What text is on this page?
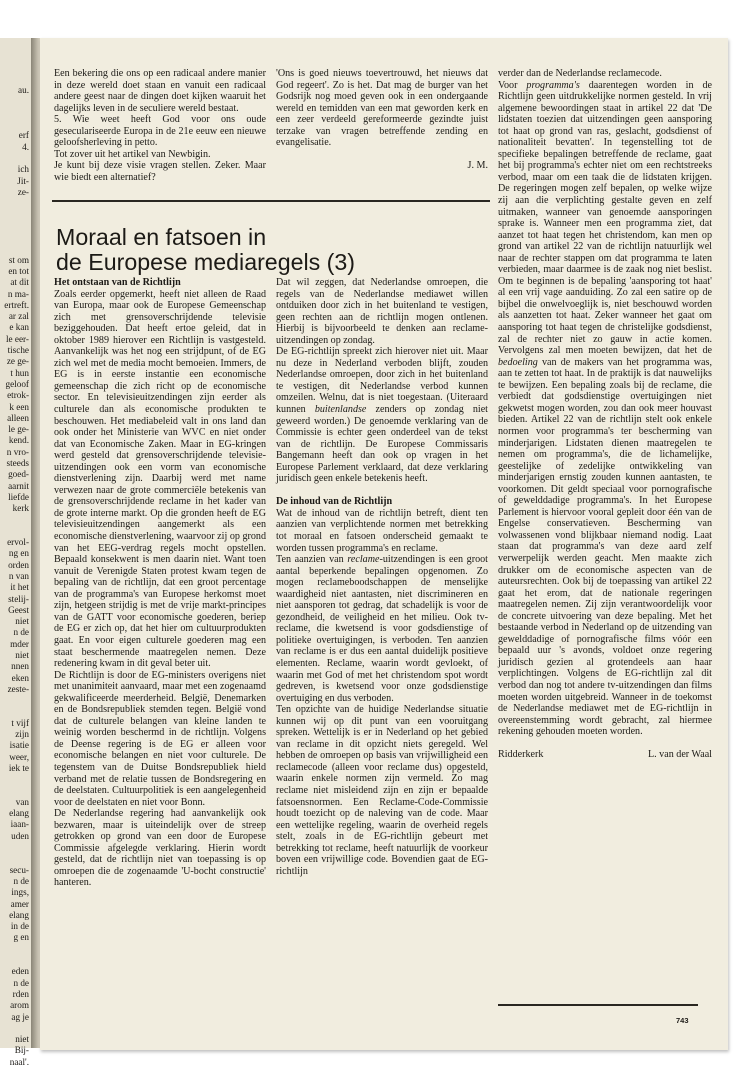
au.

erf
4.

ich
Jit-
ze-

st om
en tot
at dit
n ma-
ertreft.
ar zal
e kan
le eer-
tische
ze ge-
t hun
geloof
etrok-
k een
alleen
le ge-
kend.
n vro-
steeds
goed-
aarnit
liefde
kerk

ervol-
ng en
orden
n van
it het
stelij-
Geest
niet
n de
mder
niet
nnen
eken
zeste-

t vijf
zijn
isatie
weer,
iek te

van
elang
iaan-
uden

secu-
n de
ings,
amer
elang
in de
g en

eden
n de
rden
arom
ag je

niet
Bij-
naal'.

Een bekering die ons op een radicaal andere manier in deze wereld doet staan en vanuit een radicaal andere geest naar de dingen doet kijken waaruit het dagelijks leven in de seculiere wereld bestaat.

5. Wie weet heeft God voor ons oude geseculariseerde Europa in de 21e eeuw een nieuwe geloofsherleving in petto.

Tot zover uit het artikel van Newbigin.

Je kunt bij deze visie vragen stellen. Zeker. Maar wie biedt een alternatief?

'Ons is goed nieuws toevertrouwd, het nieuws dat God regeert'. Zo is het. Dat mag de burger van het Godsrijk nog moed geven ook in een ondergaande wereld en temidden van een mat geworden kerk en een zeer verdeeld gereformeerde gezindte juist terzake van vragen betreffende zending en evangelisatie.

J. M.

Moraal en fatsoen in
de Europese mediaregels (3)

Het ontstaan van de Richtlijn

Zoals eerder opgemerkt, heeft niet alleen de Raad van Europa, maar ook de Europese Gemeenschap zich met grensoverschrijdende televisie beziggehouden. Dat heeft ertoe geleid, dat in oktober 1989 hierover een Richtlijn is vastgesteld. Aanvankelijk was het nog een strijdpunt, of de EG zich wel met de media mocht bemoeien. Immers, de EG is in eerste instantie een economische gemeenschap die zich richt op de economische sector. En televisieuitzendingen zijn eerder als culturele dan als economische produkten te beschouwen. Het mediabeleid valt in ons land dan ook onder het Ministerie van WVC en niet onder dat van Economische Zaken. Maar in EG-kringen werd gesteld dat grensoverschrijdende televisie-uitzendingen ook een vorm van economische dienstverlening zijn. Daarbij werd met name verwezen naar de grote commerciële betekenis van de grensoverschrijdende reclame in het kader van de grote interne markt. Op die gronden heeft de EG televisieuitzendingen aangemerkt als een economische dienstverlening, waarvoor zij op grond van het EEG-verdrag regels mocht opstellen. Bepaald konsekwent is men daarin niet. Want toen vanuit de Verenigde Staten protest kwam tegen de bepaling van de richtlijn, dat een groot percentage van de programma's van Europese herkomst moet zijn, hetgeen strijdig is met de vrije markt-principes van de GATT voor economische goederen, beriep de EG er zich op, dat het hier om cultuurprodukten gaat. En voor eigen culturele goederen mag een staat beschermende maatregelen nemen. Deze redenering kwam in dit geval beter uit.

De Richtlijn is door de EG-ministers overigens niet met unanimiteit aanvaard, maar met een zogenaamd gekwalificeerde meerderheid. België, Denemarken en de Bondsrepubliek stemden tegen. België vond dat de culturele belangen van kleine landen te weinig worden beschermd in de richtlijn. Volgens de Deense regering is de EG er alleen voor economische belangen en niet voor culturele. De tegenstem van de Duitse Bondsrepubliek hield verband met de relatie tussen de Bondsregering en de deelstaten. Cultuurpolitiek is een aangelegenheid voor de deelstaten en niet voor Bonn.

De Nederlandse regering had aanvankelijk ook bezwaren, maar is uiteindelijk over de streep getrokken op grond van een door de Europese Commissie afgelegde verklaring. Hierin wordt gesteld, dat de richtlijn niet van toepassing is op omroepen die de zogenaamde 'U-bocht constructie' hanteren.

Dat wil zeggen, dat Nederlandse omroepen, die regels van de Nederlandse mediawet willen ontduiken door zich in het buitenland te vestigen, geen rechten aan de richtlijn mogen ontlenen. Hierbij is bijvoorbeeld te denken aan reclame-uitzendingen op zondag.

De EG-richtlijn spreekt zich hierover niet uit. Maar nu deze in Nederland verboden blijft, zouden Nederlandse omroepen, door zich in het buitenland te vestigen, dit Nederlandse verbod kunnen omzeilen. Welnu, dat is niet toegestaan. (Uiteraard kunnen buitenlandse zenders op zondag niet geweerd worden.) De genoemde verklaring van de Commissie is echter geen onderdeel van de tekst van de richtlijn. De Europese Commissaris Bangemann heeft dan ook op vragen in het Europese Parlement verklaard, dat deze verklaring juridisch geen enkele betekenis heeft.

De inhoud van de Richtlijn

Wat de inhoud van de richtlijn betreft, dient ten aanzien van verplichtende normen met betrekking tot moraal en fatsoen onderscheid gemaakt te worden tussen programma's en reclame.

Ten aanzien van reclame-uitzendingen is een groot aantal beperkende bepalingen opgenomen. Zo mogen reclameboodschappen de menselijke waardigheid niet aantasten, niet discrimineren en niet aansporen tot gedrag, dat schadelijk is voor de gezondheid, de veiligheid en het milieu. Ook tv-reclame, die kwetsend is voor godsdienstige of politieke overtuigingen, is verboden. Ten aanzien van reclame is er dus een aantal duidelijk positieve elementen. Reclame, waarin wordt gevloekt, of waarin met God of met het christendom spot wordt gedreven, is kwetsend voor onze godsdienstige overtuiging en dus verboden.

Ten opzichte van de huidige Nederlandse situatie kunnen wij op dit punt van een vooruitgang spreken. Wettelijk is er in Nederland op het gebied van reclame in dit opzicht niets geregeld. Wel hebben de omroepen op basis van vrijwilligheid een reclamecode (alleen voor reclame dus) opgesteld, waarin enkele normen zijn vermeld. Zo mag reclame niet misleidend zijn en zijn er bepaalde fatsoensnormen. Een Reclame-Code-Commissie houdt toezicht op de naleving van de code. Maar een wettelijke regeling, waarin de overheid regels stelt, zoals in de EG-richtlijn gebeurt met betrekking tot reclame, heeft natuurlijk de voorkeur boven een vrijwillige code. Bovendien gaat de EG-richtlijn

verder dan de Nederlandse reclamecode.

Voor programma's daarentegen worden in de Richtlijn geen uitdrukkelijke normen gesteld. In vrij algemene bewoordingen staat in artikel 22 dat 'De lidstaten toezien dat uitzendingen geen aansporing tot haat op grond van ras, geslacht, godsdienst of nationaliteit bevatten'. In tegenstelling tot de specifieke bepalingen betreffende de reclame, gaat het bij programma's echter niet om een rechtstreeks verbod, maar om een taak die de lidstaten krijgen. De regeringen mogen zelf bepalen, op welke wijze zij aan die verplichting gestalte geven en zelf uitmaken, wanneer van genoemde aansporingen sprake is. Wanneer men een programma ziet, dat aanzet tot haat tegen het christendom, kan men op grond van artikel 22 van de richtlijn natuurlijk wel naar de rechter stappen om dat programma te laten verbieden, maar daarmee is de zaak nog niet beslist. Om te beginnen is de bepaling 'aansporing tot haat' al een vrij vage aanduiding. Zo zal een satire op de bijbel die onwelvoeglijk is, niet beschouwd worden als aanzetten tot haat. Zeker wanneer het gaat om aansporing tot haat tegen de christelijke godsdienst, zal de rechter niet zo gauw in actie komen. Vervolgens zal men moeten bewijzen, dat het de bedoeling van de makers van het programma was, aan te zetten tot haat. In de praktijk is dat nauwelijks te bewijzen. Een bepaling zoals bij de reclame, die verbiedt dat godsdienstige overtuigingen niet gekwetst mogen worden, zou dan ook meer houvast bieden. Artikel 22 van de richtlijn stelt ook enkele normen voor programma's ter bescherming van minderjarigen. Lidstaten dienen maatregelen te nemen om programma's, die de lichamelijke, geestelijke of zedelijke ontwikkeling van minderjarigen ernstig zouden kunnen aantasten, te voorkomen. Dit geldt speciaal voor pornografische of gewelddadige programma's. In het Europese Parlement is hiervoor vooral gepleit door één van de Engelse conservatieven. Bescherming van volwassenen vond blijkbaar niemand nodig. Laat staan dat programma's van deze aard zelf verwerpelijk werden geacht. Men maakte zich drukker om de economische aspecten van de auteursrechten. Ook bij de toepassing van artikel 22 gaat het erom, dat de nationale regeringen maatregelen nemen. Zij zijn verantwoordelijk voor de concrete uitvoering van deze bepaling. Met het bestaande verbod in Nederland op de uitzending van gewelddadige of pornografische films vóór een bepaald uur 's avonds, voldoet onze regering juridisch gezien al grotendeels aan haar verplichtingen. Volgens de EG-richtlijn zal dit verbod dan nog tot andere tv-uitzendingen dan films moeten worden uitgebreid. Wanneer in de toekomst de Nederlandse mediawet met de EG-richtlijn in overeenstemming wordt gebracht, zal hiermee rekening gehouden moeten worden.

Ridderkerk	L. van der Waal
743
